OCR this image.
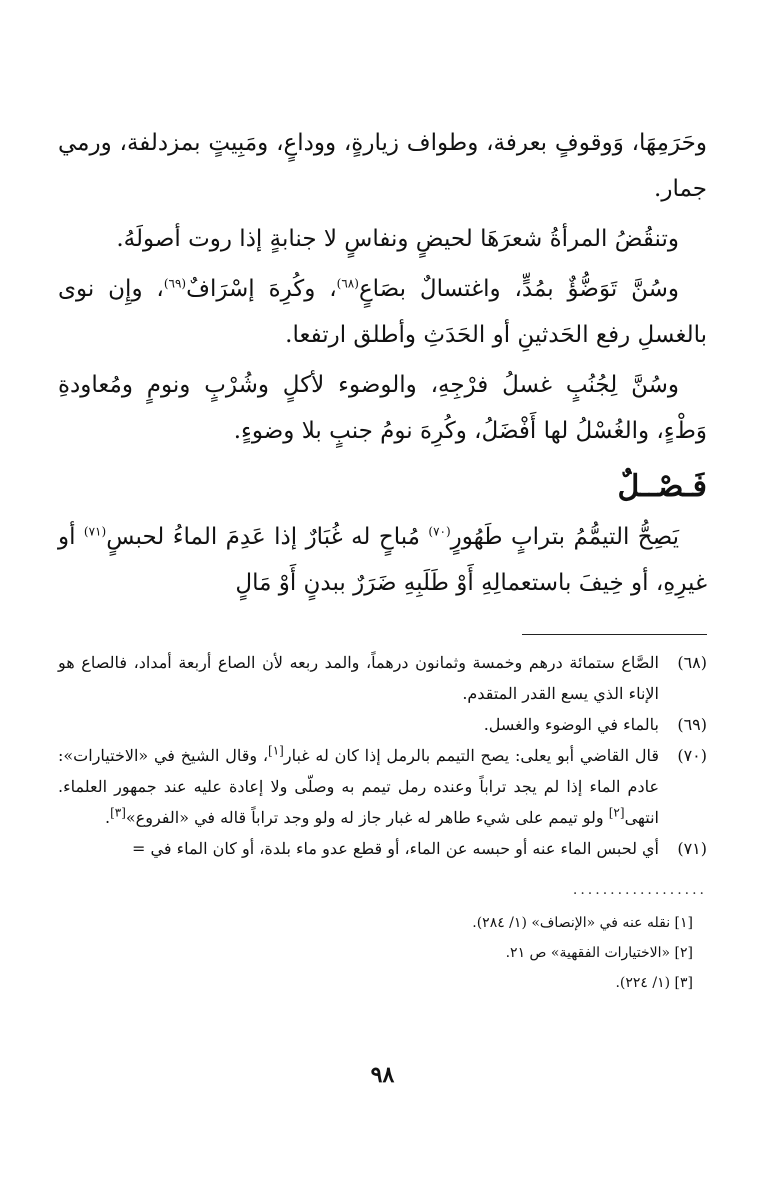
وحَرَمِهَا، وَوقوفٍ بعرفة، وطواف زيارةٍ، ووداعٍ، ومَبِيتٍ بمزدلفة، ورمي جمار.

وتنقُضُ المرأةُ شعرَهَا لحيضٍ ونفاسٍ لا جنابةٍ إذا روت أصولَهُ.

وسُنَّ تَوَضُّؤٌ بمُدٍّ، واغتسالٌ بصَاعٍ$^{(٦٨)}$، وكُرِهَ إسْرَافٌ$^{(٦٩)}$، وإِن نوى بالغسلِ رفع الحَدثينِ أو الحَدَثِ وأطلق ارتفعا.

وسُنَّ لِجُنُبٍ غسلُ فرْجِهِ، والوضوء لأكلٍ وشُرْبٍ ونومٍ ومُعاودةِ وَطْءٍ، والغُسْلُ لها أَفْضَلُ، وكُرِهَ نومُ جنبٍ بلا وضوءٍ.

فَـصْــلٌ

يَصِحُّ التيمُّمُ بترابٍ طَهُورٍ$^{(٧٠)}$ مُباحٍ له غُبَارٌ إذا عَدِمَ الماءُ لحبسٍ$^{(٧١)}$ أو غيرِهِ، أو خِيفَ باستعمالِهِ أَوْ طَلَبِهِ ضَرَرٌ ببدنٍ أَوْ مَالٍ

(٦٨)
الصَّاع ستمائة درهم وخمسة وثمانون درهماً، والمد ربعه لأن الصاع أربعة أمداد، فالصاع هو الإناء الذي يسع القدر المتقدم.
(٦٩)
بالماء في الوضوء والغسل.
(٧٠)
قال القاضي أبو يعلى: يصح التيمم بالرمل إذا كان له غبار[١]، وقال الشيخ في «الاختيارات»: عادم الماء إذا لم يجد تراباً وعنده رمل تيمم به وصلّى ولا إعادة عليه عند جمهور العلماء. انتهى[٢] ولو تيمم على شيء طاهر له غبار جاز له ولو وجد تراباً قاله في «الفروع»[٣].
(٧١)
أي لحبس الماء عنه أو حبسه عن الماء، أو قطع عدو ماء بلدة، أو كان الماء في =
..................
[١] نقله عنه في «الإنصاف» (١/ ٢٨٤).
[٢] «الاختيارات الفقهية» ص ٢١.
[٣] (١/ ٢٢٤).
٩٨
